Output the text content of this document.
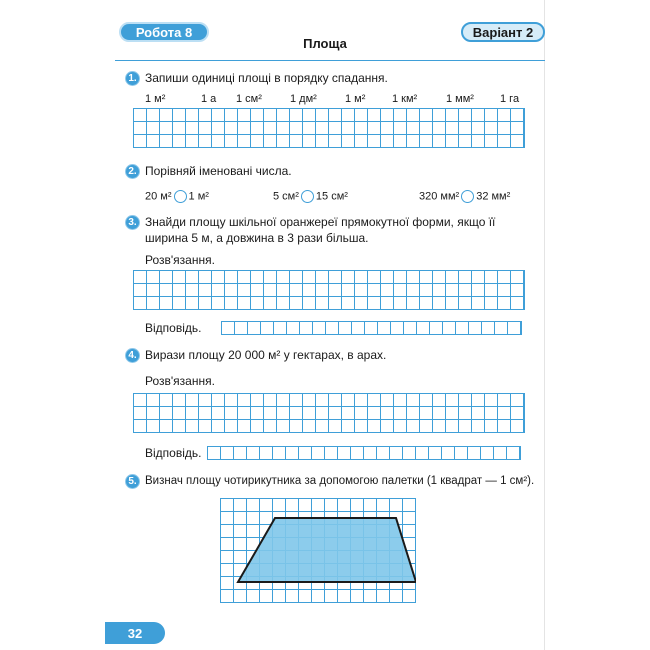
Робота 8
Площа
Варіант 2
1. Запиши одиниці площі в порядку спадання.
1 м²	1 а 1 см²	1 дм²	1 м² 1 км²	1 мм² 1 га
2. Порівняй іменовані числа.
20 м² 1 м²	5 см² 15 см²	320 мм² 32 мм²
3. Знайди площу шкільної оранжереї прямокутної форми, якщо її
ширина 5 м, а довжина в 3 рази більша.
Розв'язання.
Відповідь.
4. Вирази площу 20 000 м² у гектарах, в арах.
Розв'язання.
Відповідь.
5. Визнач площу чотирикутника за допомогою палетки (1 квадрат — 1 см²).
32
